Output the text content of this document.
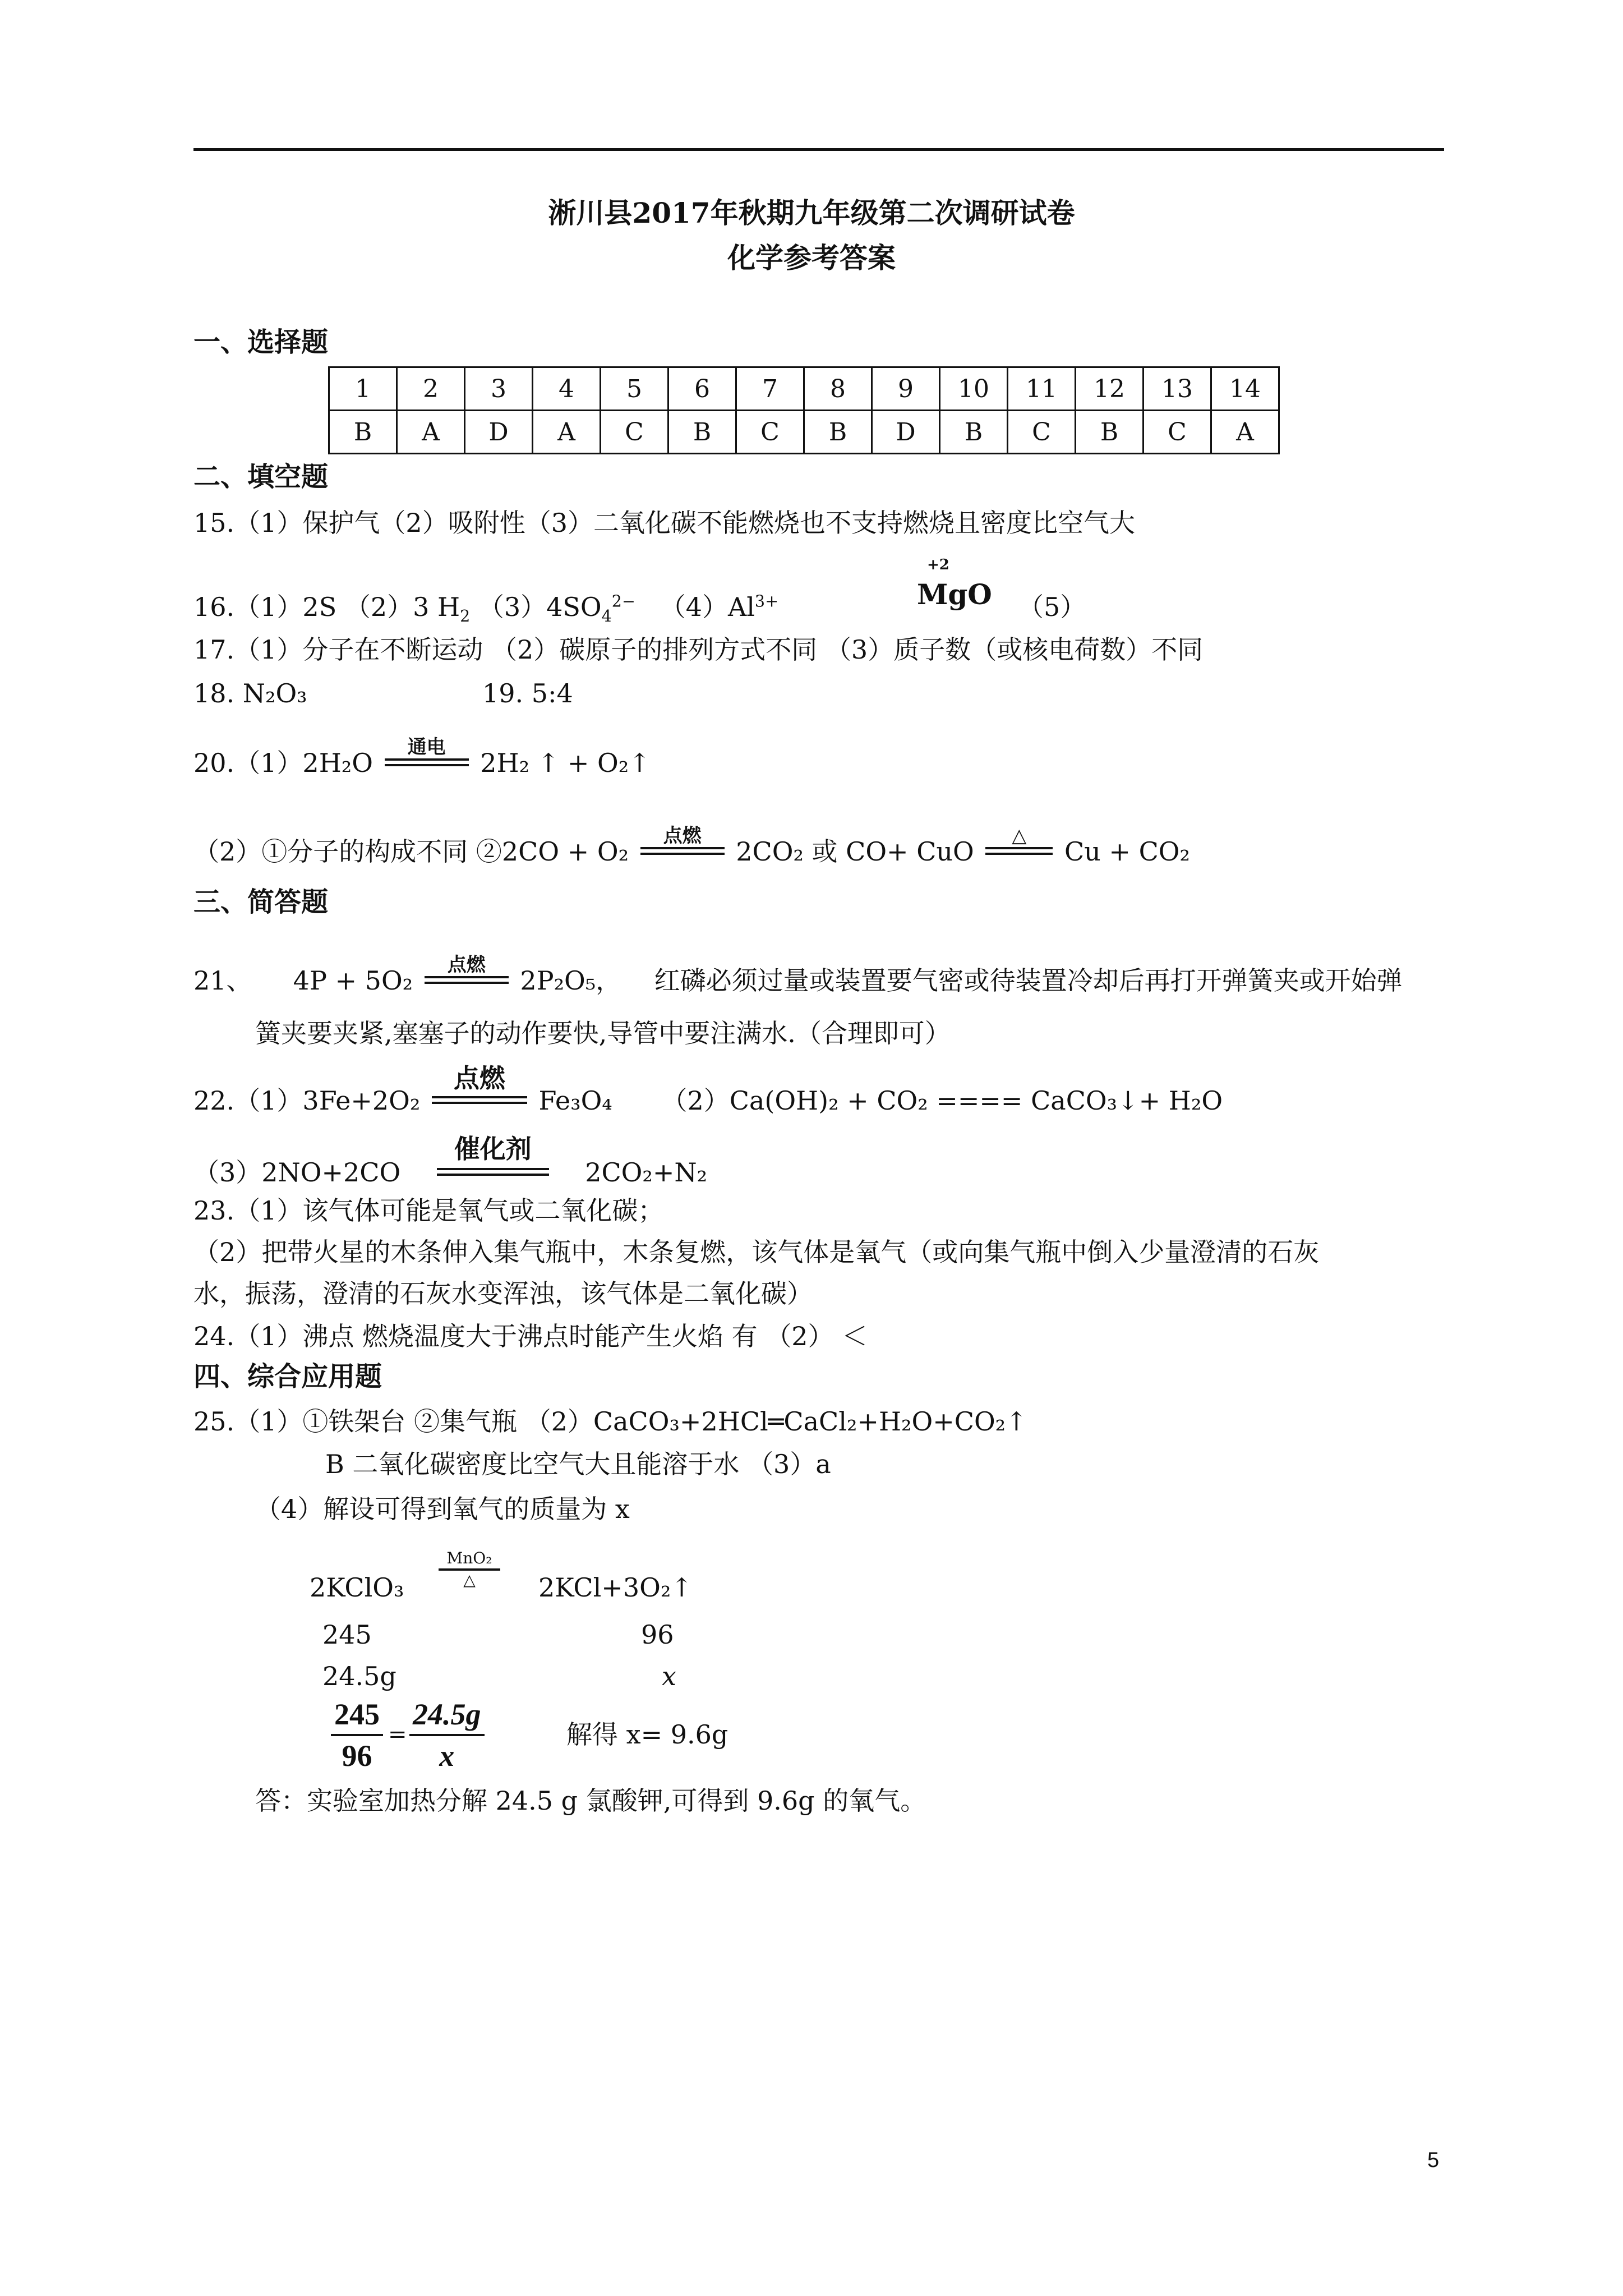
淅川县2017年秋期九年级第二次调研试卷
化学参考答案
一、选择题
1	2	3	4	5	6	7	8	9	10	11	12	13	14
B	A	D	A	C	B	C	B	D	B	C	B	C	A
二、填空题
15.（1）保护气（2）吸附性（3）二氧化碳不能燃烧也不支持燃烧且密度比空气大
16.（1）2S （2）3 $H_2$ $(3)4SO_4^{2-}$ $(4)Al^{3+}$
+2
MgO （5）
17.（1）分子在不断运动 （2）碳原子的排列方式不同 （3）质子数（或核电荷数）不同
18. N₂O₃	19. 5:4
20.（1）2H₂O
通电
2H₂ ↑ + O₂↑
（2）①分子的构成不同 ②2CO + O₂
点燃
2CO₂ 或 CO+ CuO
△
Cu + CO₂
三、简答题
21、 4P + 5O₂
点燃
2P₂O₅， 红磷必须过量或装置要气密或待装置冷却后再打开弹簧夹或开始弹
簧夹要夹紧,塞塞子的动作要快,导管中要注满水.（合理即可）
22.（1）3Fe+2O₂
点燃
Fe₃O₄ （2）Ca(OH)₂ + CO₂ ==== CaCO₃↓+ H₂O
（3）2NO+2CO
催化剂
2CO₂+N₂
23.（1）该气体可能是氧气或二氧化碳；
（2）把带火星的木条伸入集气瓶中，木条复燃，该气体是氧气（或向集气瓶中倒入少量澄清的石灰
水，振荡，澄清的石灰水变浑浊，该气体是二氧化碳）
24.（1）沸点 燃烧温度大于沸点时能产生火焰 有 （2） ＜
四、综合应用题
25.（1）①铁架台 ②集气瓶 （2）CaCO₃+2HCl═CaCl₂+H₂O+CO₂↑
B 二氧化碳密度比空气大且能溶于水 （3）a
（4）解设可得到氧气的质量为 x
2KClO₃
MnO₂
△	2KCl+3O₂↑
245	96
24.5g	x
$\frac{245}{96} = \frac{24.5g}{x}$	解得 x= 9.6g
答：实验室加热分解 24.5 g 氯酸钾,可得到 9.6g 的氧气。
5
